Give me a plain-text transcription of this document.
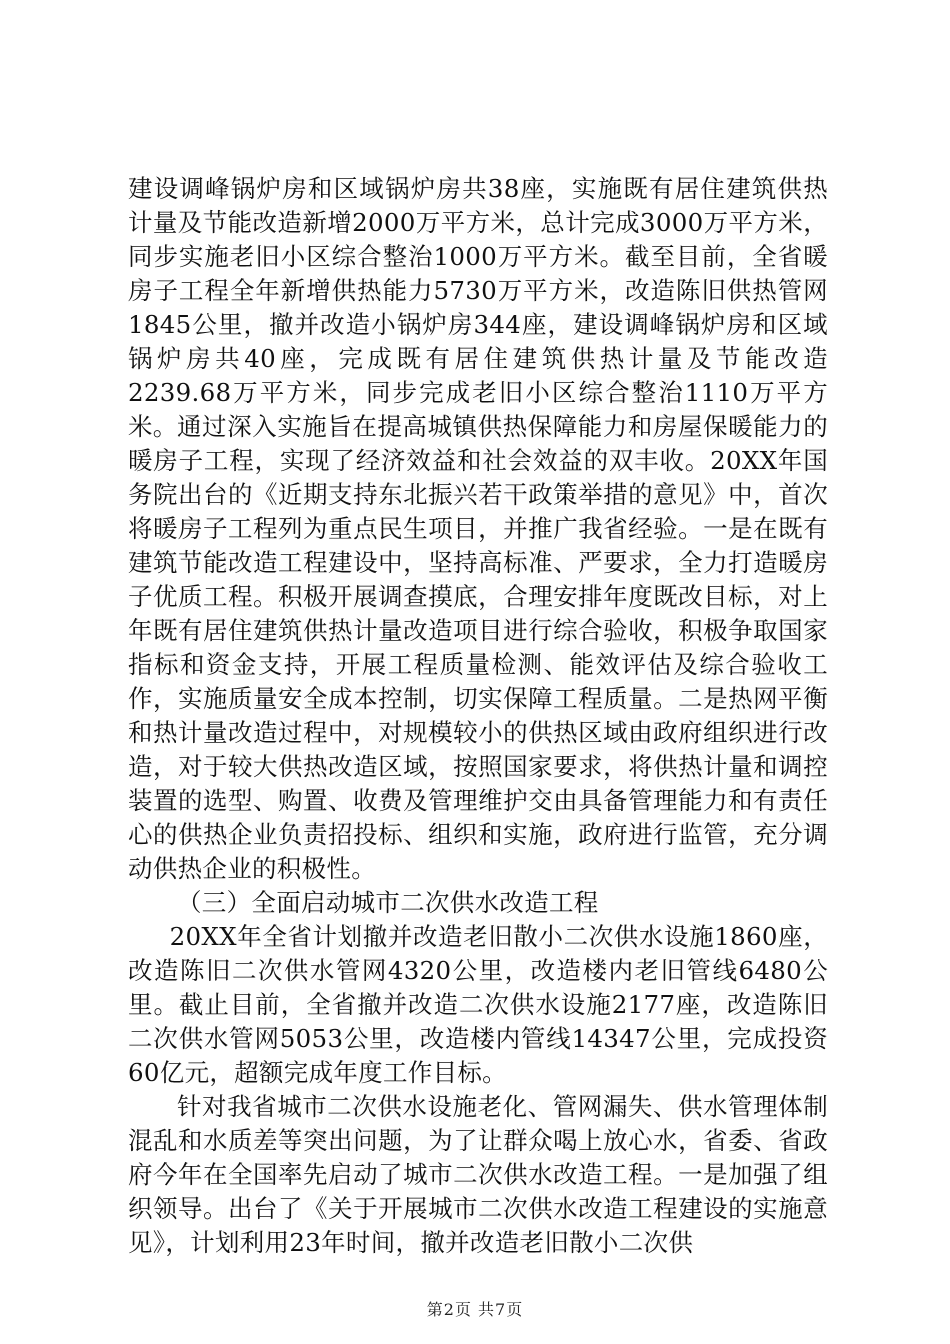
建设调峰锅炉房和区域锅炉房共38座，实施既有居住建筑供热计量及节能改造新增2000万平方米，总计完成3000万平方米，同步实施老旧小区综合整治1000万平方米。截至目前，全省暖房子工程全年新增供热能力5730万平方米，改造陈旧供热管网1845公里，撤并改造小锅炉房344座，建设调峰锅炉房和区域锅炉房共40座，完成既有居住建筑供热计量及节能改造2239.68万平方米，同步完成老旧小区综合整治1110万平方米。 通过深入实施旨在提高城镇供热保障能力和房屋保暖能力的暖房子工程，实现了经济效益和社会效益的双丰收。20XX年国务院出台的《近期支持东北振兴若干政策举措的意见》中，首次将暖房子工程列为重点民生项目，并推广我省经验。一是在既有建筑节能改造工程建设中，坚持高标准、严要求，全力打造暖房子优质工程。积极开展调查摸底，合理安排年度既改目标，对上年既有居住建筑供热计量改造项目进行综合验收，积极争取国家指标和资金支持，开展工程质量检测、能效评估及综合验收工作，实施质量安全成本控制，切实保障工程质量。二是热网平衡和热计量改造过程中，对规模较小的供热区域由政府组织进行改造，对于较大供热改造区域，按照国家要求，将供热计量和调控装置的选型、购置、收费及管理维护交由具备管理能力和有责任心的供热企业负责招投标、组织和实施，政府进行监管，充分调动供热企业的积极性。

（三）全面启动城市二次供水改造工程

20XX年全省计划撤并改造老旧散小二次供水设施1860座，改造陈旧二次供水管网4320公里，改造楼内老旧管线6480公里。截止目前，全省撤并改造二次供水设施2177座，改造陈旧二次供水管网5053公里，改造楼内管线14347公里，完成投资60亿元，超额完成年度工作目标。

针对我省城市二次供水设施老化、管网漏失、供水管理体制混乱和水质差等突出问题，为了让群众喝上放心水，省委、省政府今年在全国率先启动了城市二次供水改造工程。一是加强了组织领导。出台了《关于开展城市二次供水改造工程建设的实施意见》，计划利用23年时间，撤并改造老旧散小二次供

第2页 共7页
